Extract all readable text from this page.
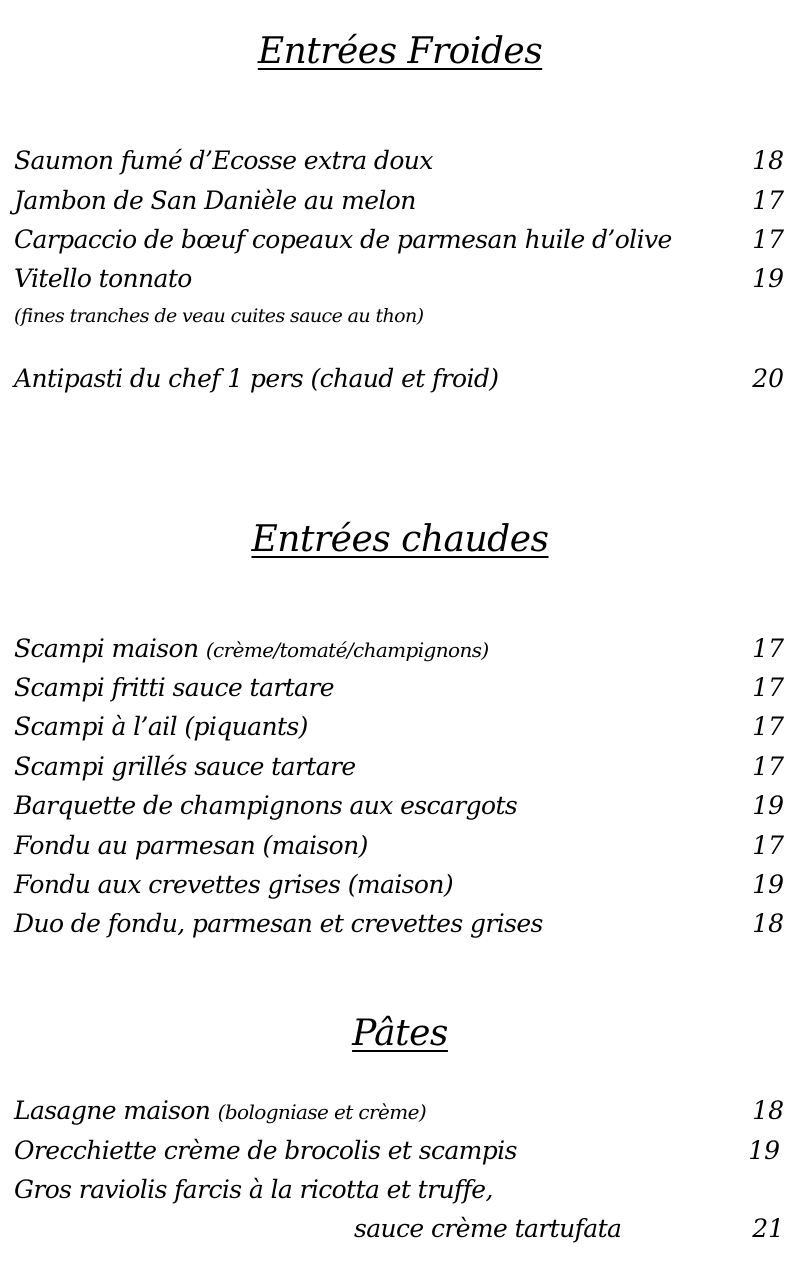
Entrées Froides
Saumon fumé d’Ecosse extra doux	18
Jambon de San Danièle au melon	17
Carpaccio de bœuf copeaux de parmesan huile d’olive	17
Vitello tonnato	19
(fines tranches de veau cuites sauce au thon)
Antipasti du chef 1 pers (chaud et froid)	20
Entrées chaudes
Scampi maison (crème/tomaté/champignons)	17
Scampi fritti sauce tartare	17
Scampi à l’ail (piquants)	17
Scampi grillés sauce tartare	17
Barquette de champignons aux escargots	19
Fondu au parmesan (maison)	17
Fondu aux crevettes grises (maison)	19
Duo de fondu, parmesan et crevettes grises	18
Pâtes
Lasagne maison (bologniase et crème)	18
Orecchiette crème de brocolis et scampis	19
Gros raviolis farcis à la ricotta et truffe,
sauce crème tartufata	21
